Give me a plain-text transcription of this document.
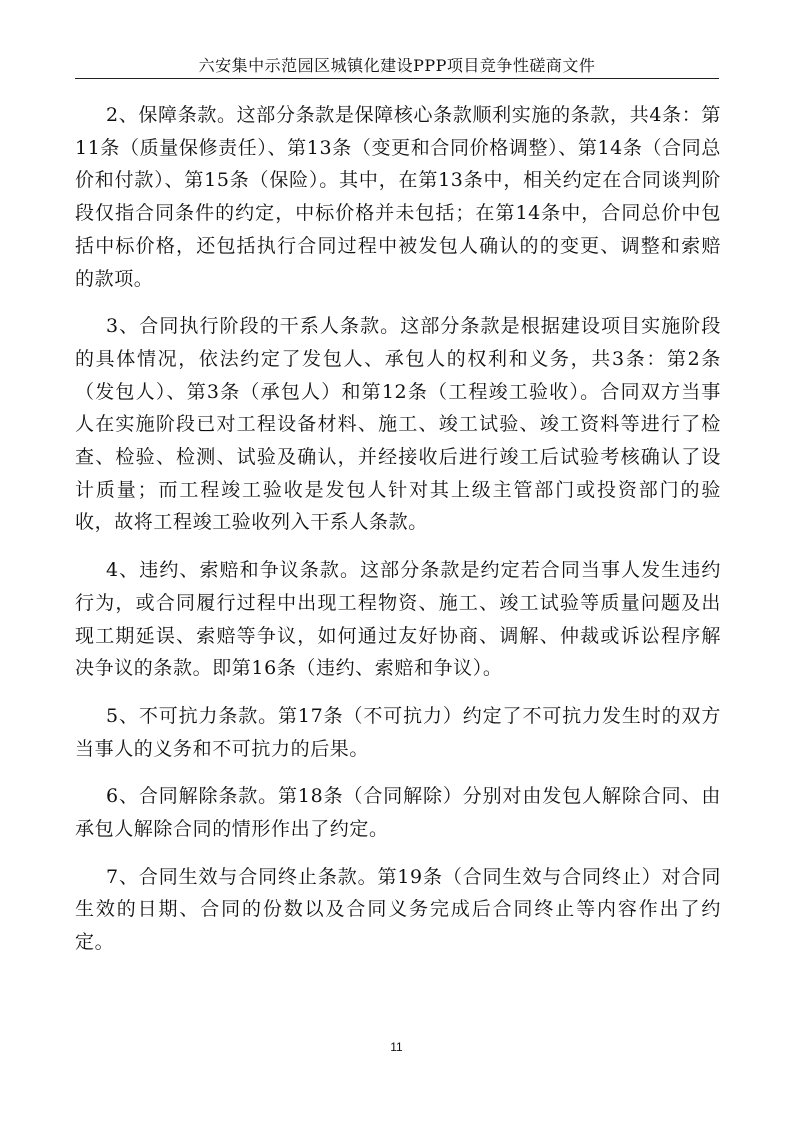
六安集中示范园区城镇化建设PPP项目竞争性磋商文件

2、保障条款。这部分条款是保障核心条款顺利实施的条款，共4条：第11条（质量保修责任）、第13条（变更和合同价格调整）、第14条（合同总价和付款）、第15条（保险）。其中，在第13条中，相关约定在合同谈判阶段仅指合同条件的约定，中标价格并未包括；在第14条中，合同总价中包括中标价格，还包括执行合同过程中被发包人确认的的变更、调整和索赔的款项。

3、合同执行阶段的干系人条款。这部分条款是根据建设项目实施阶段的具体情况，依法约定了发包人、承包人的权利和义务，共3条：第2条（发包人）、第3条（承包人）和第12条（工程竣工验收）。合同双方当事人在实施阶段已对工程设备材料、施工、竣工试验、竣工资料等进行了检查、检验、检测、试验及确认，并经接收后进行竣工后试验考核确认了设计质量；而工程竣工验收是发包人针对其上级主管部门或投资部门的验收，故将工程竣工验收列入干系人条款。

4、违约、索赔和争议条款。这部分条款是约定若合同当事人发生违约行为，或合同履行过程中出现工程物资、施工、竣工试验等质量问题及出现工期延误、索赔等争议，如何通过友好协商、调解、仲裁或诉讼程序解决争议的条款。即第16条（违约、索赔和争议）。

5、不可抗力条款。第17条（不可抗力）约定了不可抗力发生时的双方当事人的义务和不可抗力的后果。

6、合同解除条款。第18条（合同解除）分别对由发包人解除合同、由承包人解除合同的情形作出了约定。

7、合同生效与合同终止条款。第19条（合同生效与合同终止）对合同生效的日期、合同的份数以及合同义务完成后合同终止等内容作出了约定。

11
